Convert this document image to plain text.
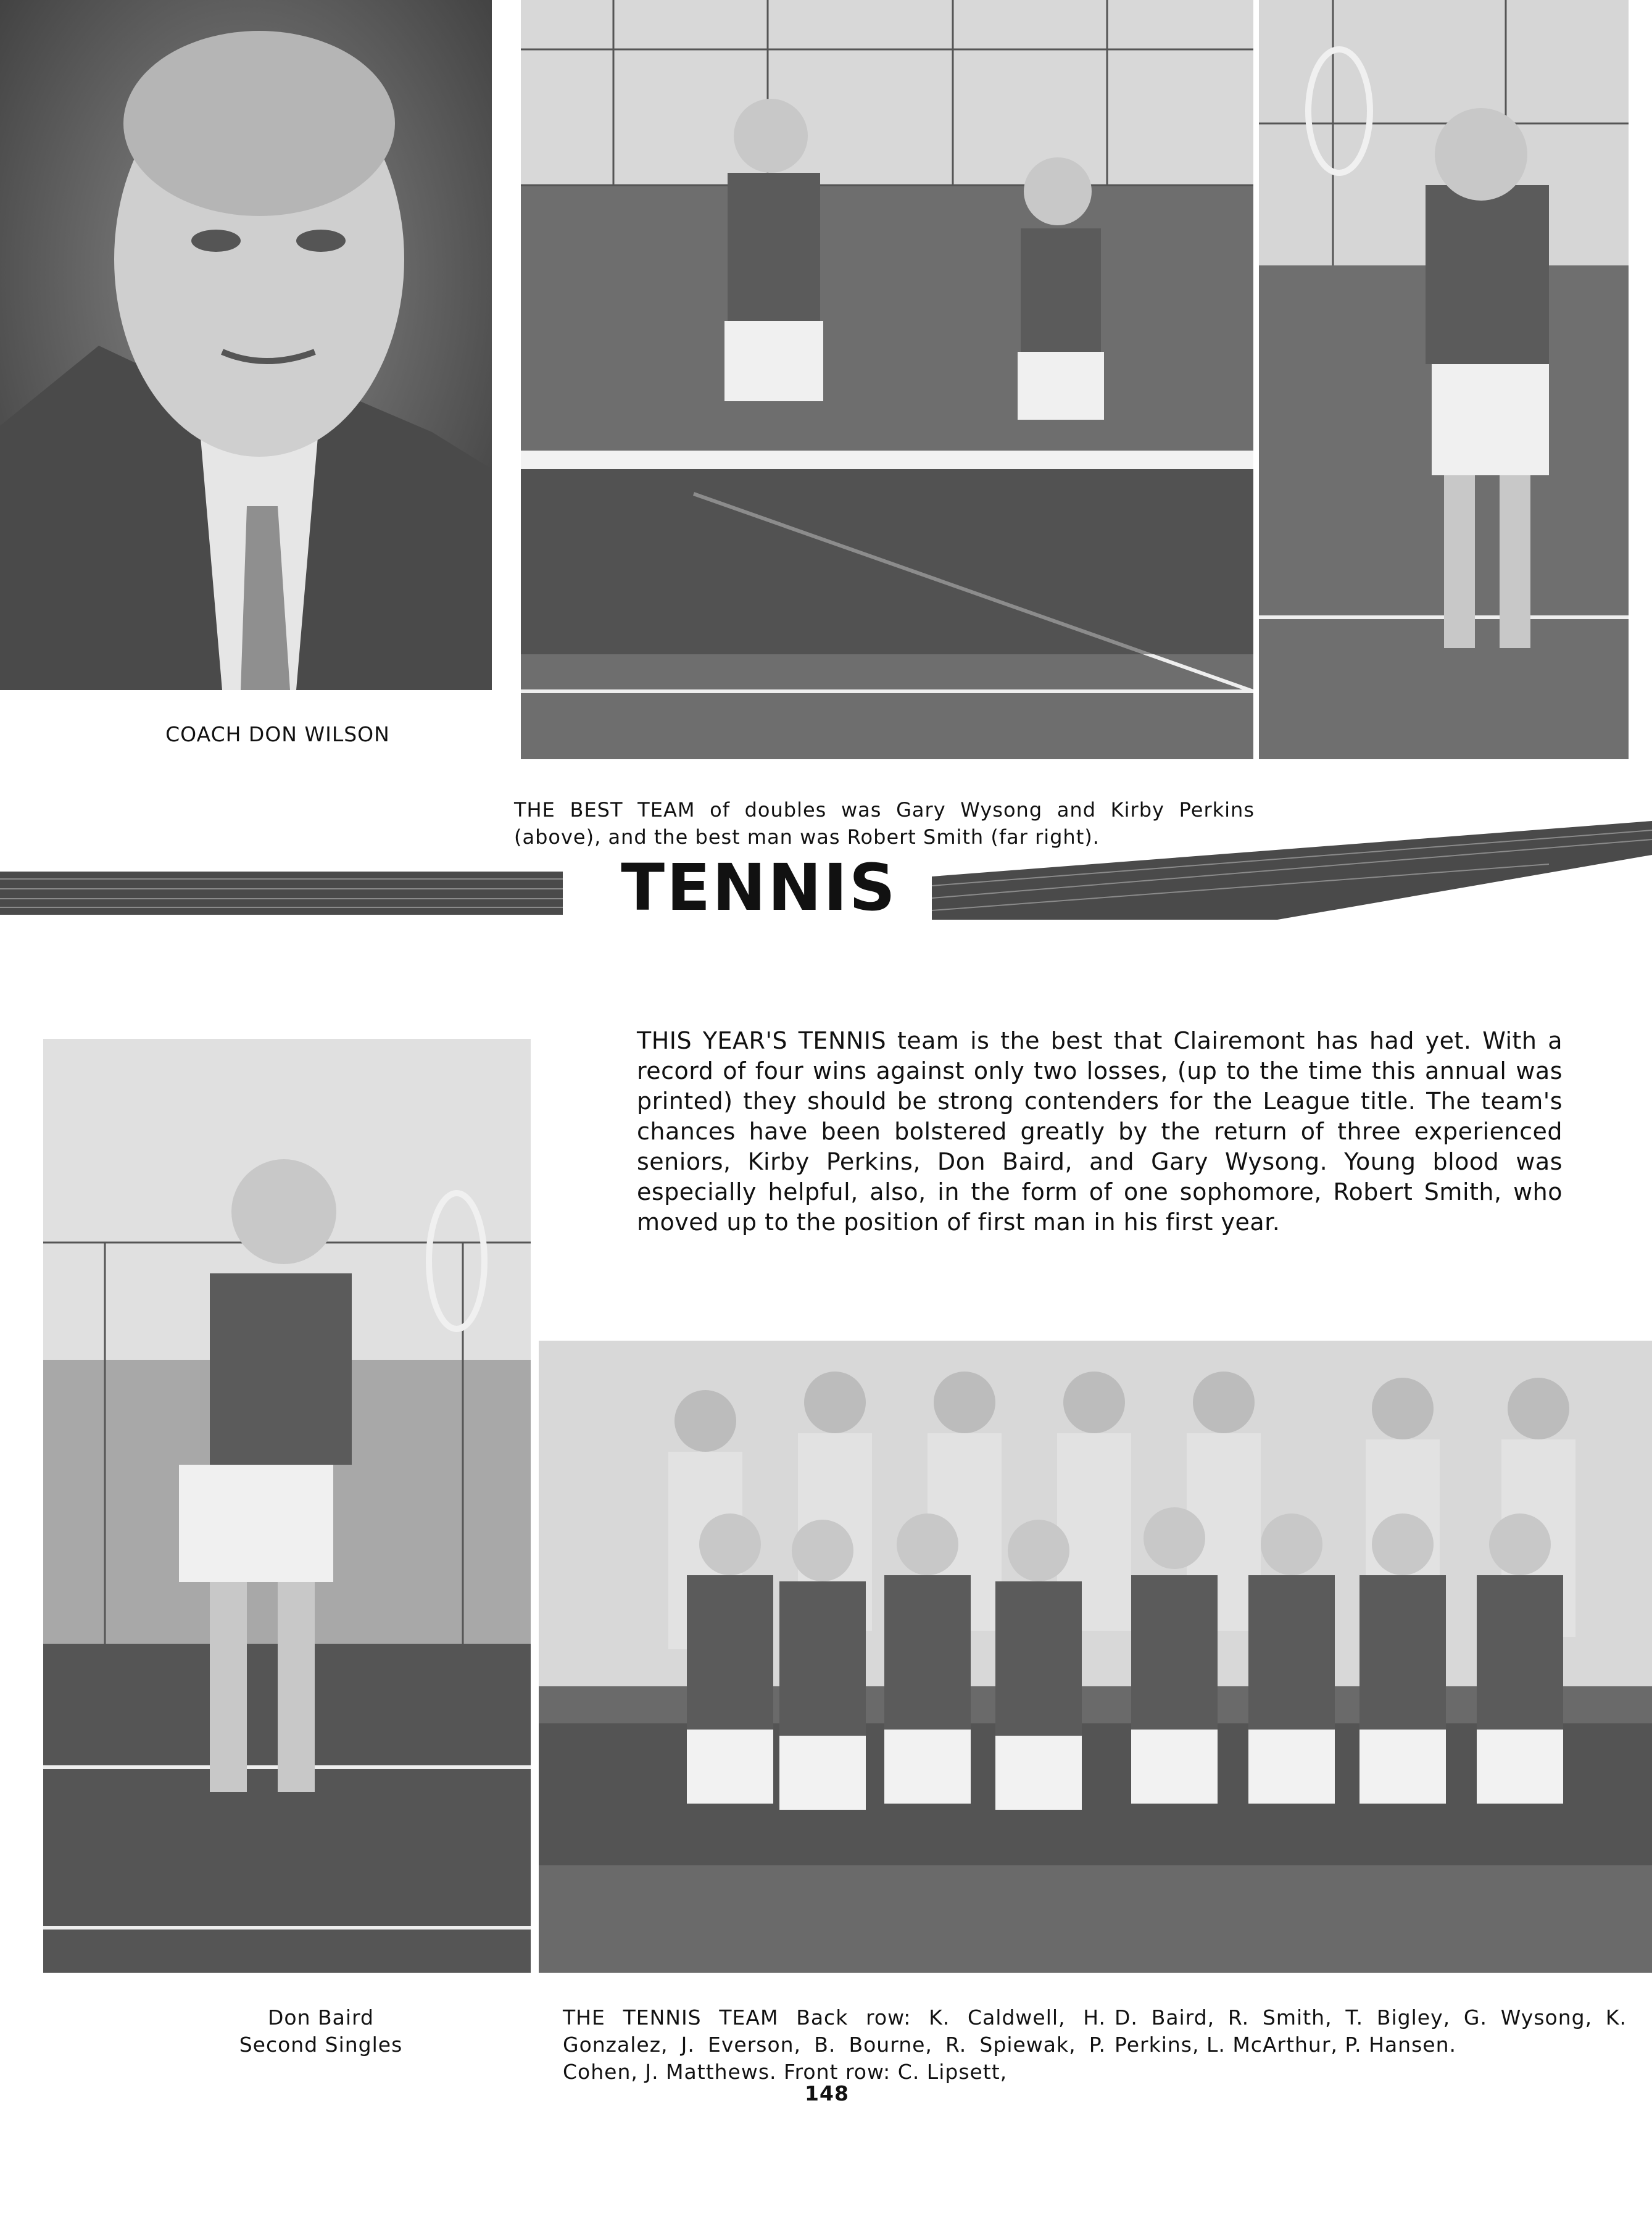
COACH DON WILSON
THE BEST TEAM of doubles was Gary Wysong and Kirby Perkins (above), and the best man was Robert Smith (far right).
TENNIS
THIS YEAR'S TENNIS team is the best that Clairemont has had yet. With a record of four wins against only two losses, (up to the time this annual was printed) they should be strong contenders for the League title. The team's chances have been bolstered greatly by the return of three experienced seniors, Kirby Perkins, Don Baird, and Gary Wysong. Young blood was especially helpful, also, in the form of one sophomore, Robert Smith, who moved up to the position of first man in his first year.
Don Baird
Second Singles
THE TENNIS TEAM Back row: K. Caldwell, H. Gonzalez, J. Everson, B. Bourne, R. Spiewak, P. Cohen, J. Matthews. Front row: C. Lipsett,
D. Baird, R. Smith, T. Bigley, G. Wysong, K. Perkins, L. McArthur, P. Hansen.
148
